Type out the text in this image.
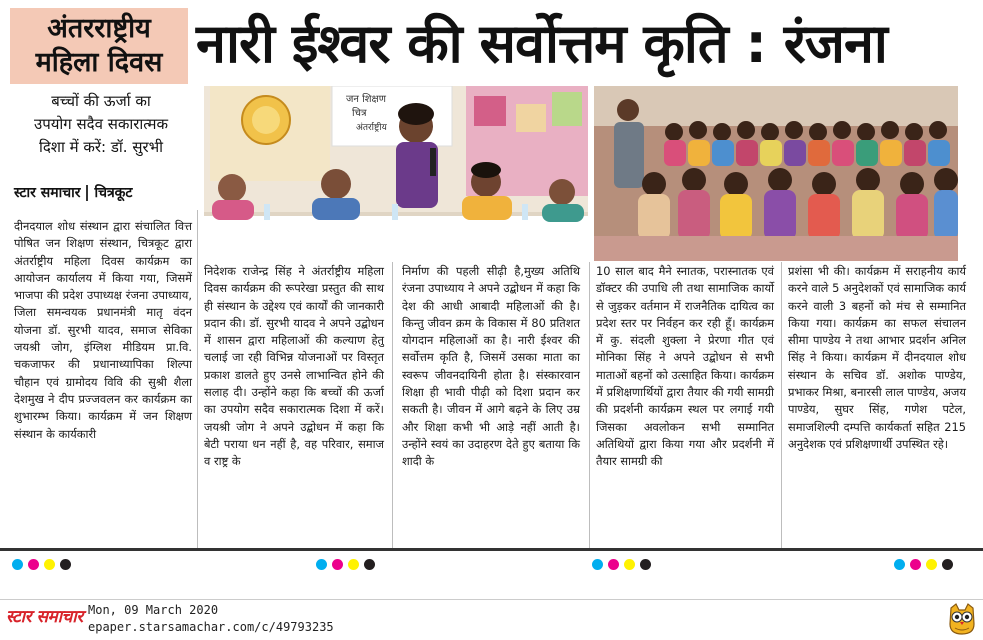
अंतरराष्ट्रीय
महिला दिवस नारी ईश्वर की सर्वोत्तम कृति : रंजना
बच्चों की ऊर्जा का
उपयोग सदैव सकारात्मक
दिशा में करें: डॉ. सुरभी
स्टार समाचार चित्रकूट
जन शिक्षण
चित्र
अंतर्राष्ट्रीय
दीनदयाल शोध संस्थान द्वारा संचालित वित्त पोषित जन शिक्षण संस्थान, चित्रकूट द्वारा अंतर्राष्ट्रीय महिला दिवस कार्यक्रम का आयोजन कार्यालय में किया गया, जिसमें भाजपा की प्रदेश उपाध्यक्ष रंजना उपाध्याय, जिला समन्वयक प्रधानमंत्री मातृ वंदन योजना डॉ. सुरभी यादव, समाज सेविका जयश्री जोग, इंग्लिश मीडियम प्रा.वि. चकजाफर की प्रधानाध्यापिका शिल्पा चौहान एवं ग्रामोदय विवि की सुश्री शैला देशमुख ने दीप प्रज्जवलन कर कार्यक्रम का शुभारम्भ किया। कार्यक्रम में जन शिक्षण संस्थान के कार्यकारी
निदेशक राजेन्द्र सिंह ने अंतर्राष्ट्रीय महिला दिवस कार्यक्रम की रूपरेखा प्रस्तुत की साथ ही संस्थान के उद्देश्य एवं कार्यों की जानकारी प्रदान की। डॉ. सुरभी यादव ने अपने उद्बोधन में शासन द्वारा महिलाओं की कल्याण हेतु चलाई जा रही विभिन्न योजनाओं पर विस्तृत प्रकाश डालते हुए उनसे लाभान्वित होने की सलाह दी। उन्होंने कहा कि बच्चों की ऊर्जा का उपयोग सदैव सकारात्मक दिशा में करें। जयश्री जोग ने अपने उद्बोधन में कहा कि बेटी पराया धन नहीं है, वह परिवार, समाज व राष्ट्र के
निर्माण की पहली सीढ़ी है,मुख्य अतिथि रंजना उपाध्याय ने अपने उद्बोधन में कहा कि देश की आधी आबादी महिलाओं की है। किन्तु जीवन क्रम के विकास में 80 प्रतिशत योगदान महिलाओं का है। नारी ईश्वर की सर्वोत्तम कृति है, जिसमें उसका माता का स्वरूप जीवनदायिनी होता है। संस्कारवान शिक्षा ही भावी पीढ़ी को दिशा प्रदान कर सकती है। जीवन में आगे बढ़ने के लिए उम्र और शिक्षा कभी भी आड़े नहीं आती है। उन्होंने स्वयं का उदाहरण देते हुए बताया कि शादी के
10 साल बाद मैने स्नातक, परास्नातक एवं डॉक्टर की उपाधि ली तथा सामाजिक कार्यो से जुड़कर वर्तमान में राजनैतिक दायित्व का प्रदेश स्तर पर निर्वहन कर रही हूँ। कार्यक्रम में कु. संदली शुक्ला ने प्रेरणा गीत एवं मोनिका सिंह ने अपने उद्बोधन से सभी माताओं बहनों को उत्साहित किया। कार्यक्रम में प्रशिक्षणार्थियों द्वारा तैयार की गयी सामग्री की प्रदर्शनी कार्यक्रम स्थल पर लगाई गयी जिसका अवलोकन सभी सम्मानित अतिथियों द्वारा किया गया और प्रदर्शनी में तैयार सामग्री की
प्रशंसा भी की। कार्यक्रम में सराहनीय कार्य करने वाले 5 अनुदेशकों एवं सामाजिक कार्य करने वाली 3 बहनों को मंच से सम्मानित किया गया। कार्यक्रम का सफल संचालन सीमा पाण्डेय ने तथा आभार प्रदर्शन अनिल सिंह ने किया। कार्यक्रम में दीनदयाल शोध संस्थान के सचिव डॉ. अशोक पाण्डेय, प्रभाकर मिश्रा, बनारसी लाल पाण्डेय, अजय पाण्डेय, सुघर सिंह, गणेश पटेल, समाजशिल्पी दम्पत्ति कार्यकर्ता सहित 215 अनुदेशक एवं प्रशिक्षणार्थी उपस्थित रहे।
स्टार समाचार Mon, 09 March 2020
epaper.starsamachar.com/c/49793235
